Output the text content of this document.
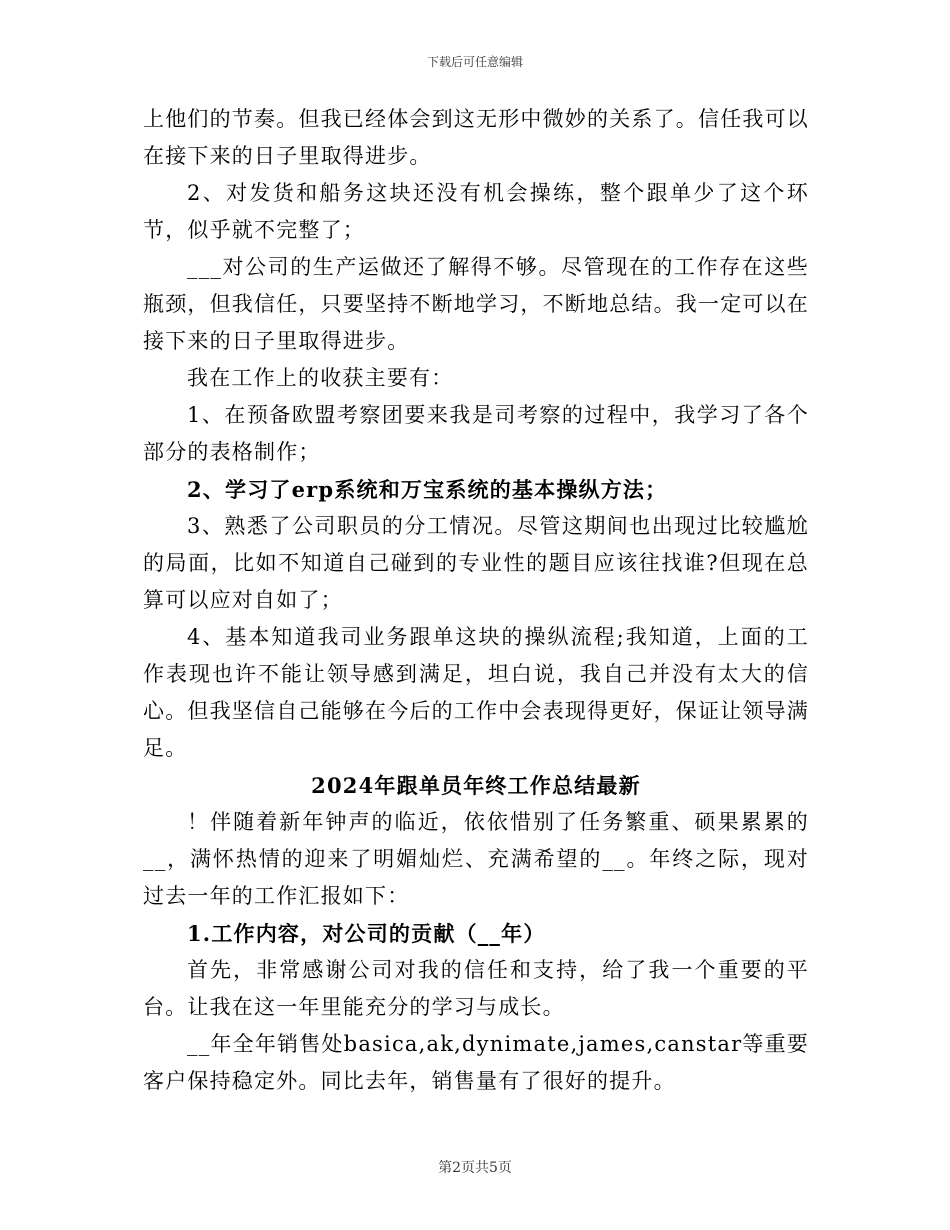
下载后可任意编辑

上他们的节奏。但我已经体会到这无形中微妙的关系了。信任我可以在接下来的日子里取得进步。

2、对发货和船务这块还没有机会操练，整个跟单少了这个环节，似乎就不完整了；

___对公司的生产运做还了解得不够。尽管现在的工作存在这些瓶颈，但我信任，只要坚持不断地学习，不断地总结。我一定可以在接下来的日子里取得进步。

我在工作上的收获主要有：

1、在预备欧盟考察团要来我是司考察的过程中，我学习了各个部分的表格制作；

2、学习了erp系统和万宝系统的基本操纵方法；

3、熟悉了公司职员的分工情况。尽管这期间也出现过比较尴尬的局面，比如不知道自己碰到的专业性的题目应该往找谁?但现在总算可以应对自如了；

4、基本知道我司业务跟单这块的操纵流程;我知道，上面的工作表现也许不能让领导感到满足，坦白说，我自己并没有太大的信心。但我坚信自己能够在今后的工作中会表现得更好，保证让领导满足。

2024年跟单员年终工作总结最新

！伴随着新年钟声的临近，依依惜别了任务繁重、硕果累累的__，满怀热情的迎来了明媚灿烂、充满希望的__。年终之际，现对过去一年的工作汇报如下：

1.工作内容，对公司的贡献（__年）

首先，非常感谢公司对我的信任和支持，给了我一个重要的平台。让我在这一年里能充分的学习与成长。

__年全年销售处basica,ak,dynimate,james,canstar等重要客户保持稳定外。同比去年，销售量有了很好的提升。

第2页共5页
